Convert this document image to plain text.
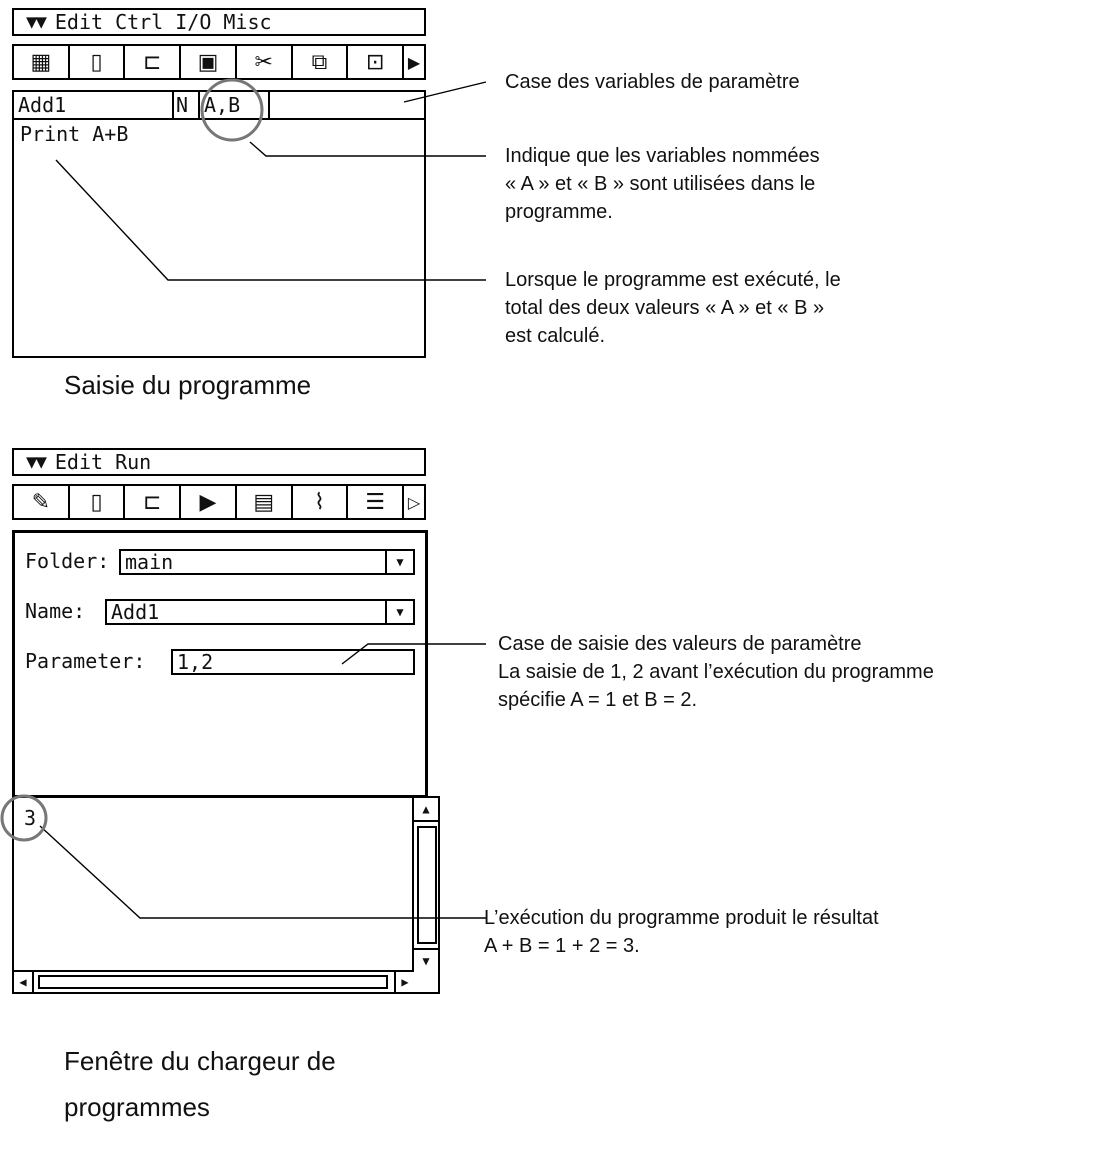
▼▼ Edit Ctrl I/O Misc
▦	▯	⊏	▣	✂	⧉	⊡	▶
Add1	N A,B
Print A+B
Saisie du programme
▼▼ Edit Run
✎	▯	⊏	▶	▤	⌇	☰	▷
Folder: main	▼
Name: Add1	▼
Parameter: 1,2
3	▲
▼
◀	▶
Fenêtre du chargeur de
programmes
Case des variables de paramètre
Indique que les variables nommées
« A » et « B » sont utilisées dans le
programme.
Lorsque le programme est exécuté, le
total des deux valeurs « A » et « B »
est calculé.
Case de saisie des valeurs de paramètre
La saisie de 1, 2 avant l’exécution du programme
spécifie A = 1 et B = 2.
L’exécution du programme produit le résultat
A + B = 1 + 2 = 3.
